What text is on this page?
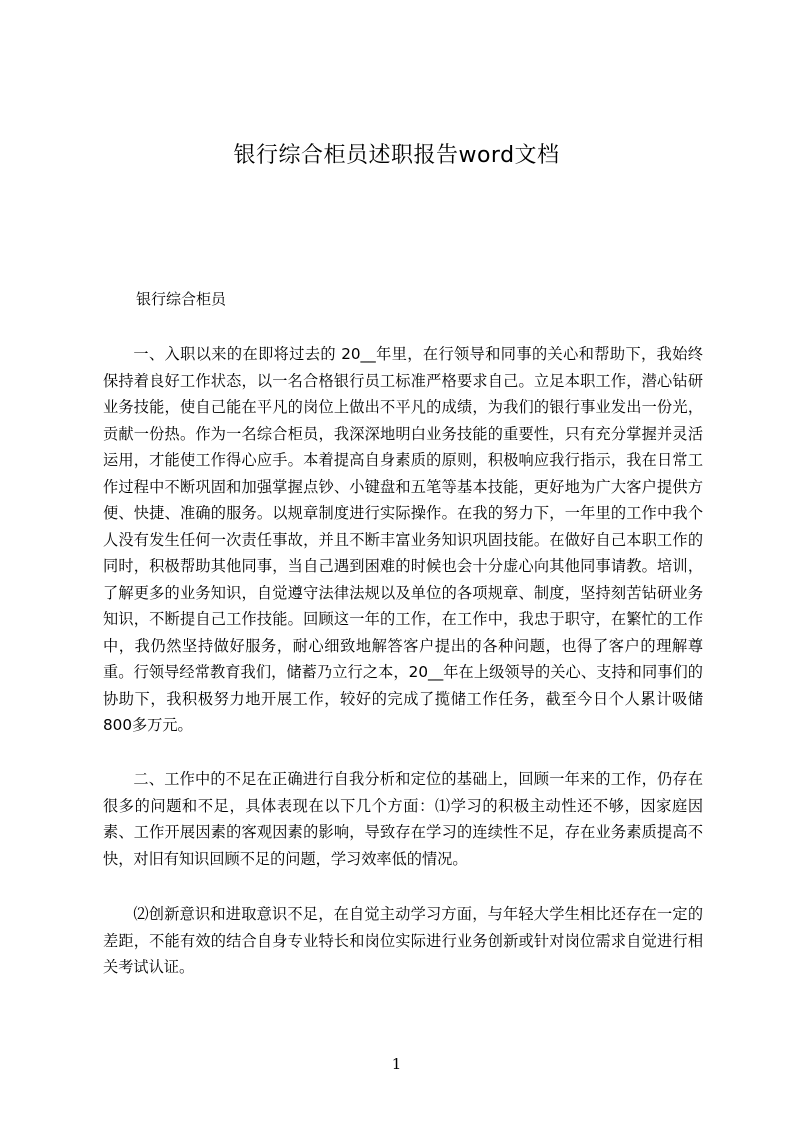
银行综合柜员述职报告word文档
银行综合柜员
一、入职以来的在即将过去的 20__年里，在行领导和同事的关心和帮助下，我始终保持着良好工作状态，以一名合格银行员工标准严格要求自己。立足本职工作，潜心钻研业务技能，使自己能在平凡的岗位上做出不平凡的成绩，为我们的银行事业发出一份光，贡献一份热。作为一名综合柜员，我深深地明白业务技能的重要性，只有充分掌握并灵活运用，才能使工作得心应手。本着提高自身素质的原则，积极响应我行指示，我在日常工作过程中不断巩固和加强掌握点钞、小键盘和五笔等基本技能，更好地为广大客户提供方便、快捷、准确的服务。以规章制度进行实际操作。在我的努力下，一年里的工作中我个人没有发生任何一次责任事故，并且不断丰富业务知识巩固技能。在做好自己本职工作的同时，积极帮助其他同事，当自己遇到困难的时候也会十分虚心向其他同事请教。培训，了解更多的业务知识，自觉遵守法律法规以及单位的各项规章、制度，坚持刻苦钻研业务知识，不断提自己工作技能。回顾这一年的工作，在工作中，我忠于职守，在繁忙的工作中，我仍然坚持做好服务，耐心细致地解答客户提出的各种问题，也得了客户的理解尊重。行领导经常教育我们，储蓄乃立行之本，20__年在上级领导的关心、支持和同事们的协助下，我积极努力地开展工作，较好的完成了揽储工作任务，截至今日个人累计吸储800多万元。
二、工作中的不足在正确进行自我分析和定位的基础上，回顾一年来的工作，仍存在很多的问题和不足，具体表现在以下几个方面：⑴学习的积极主动性还不够，因家庭因素、工作开展因素的客观因素的影响，导致存在学习的连续性不足，存在业务素质提高不快，对旧有知识回顾不足的问题，学习效率低的情况。
⑵创新意识和进取意识不足，在自觉主动学习方面，与年轻大学生相比还存在一定的差距，不能有效的结合自身专业特长和岗位实际进行业务创新或针对岗位需求自觉进行相关考试认证。
1
